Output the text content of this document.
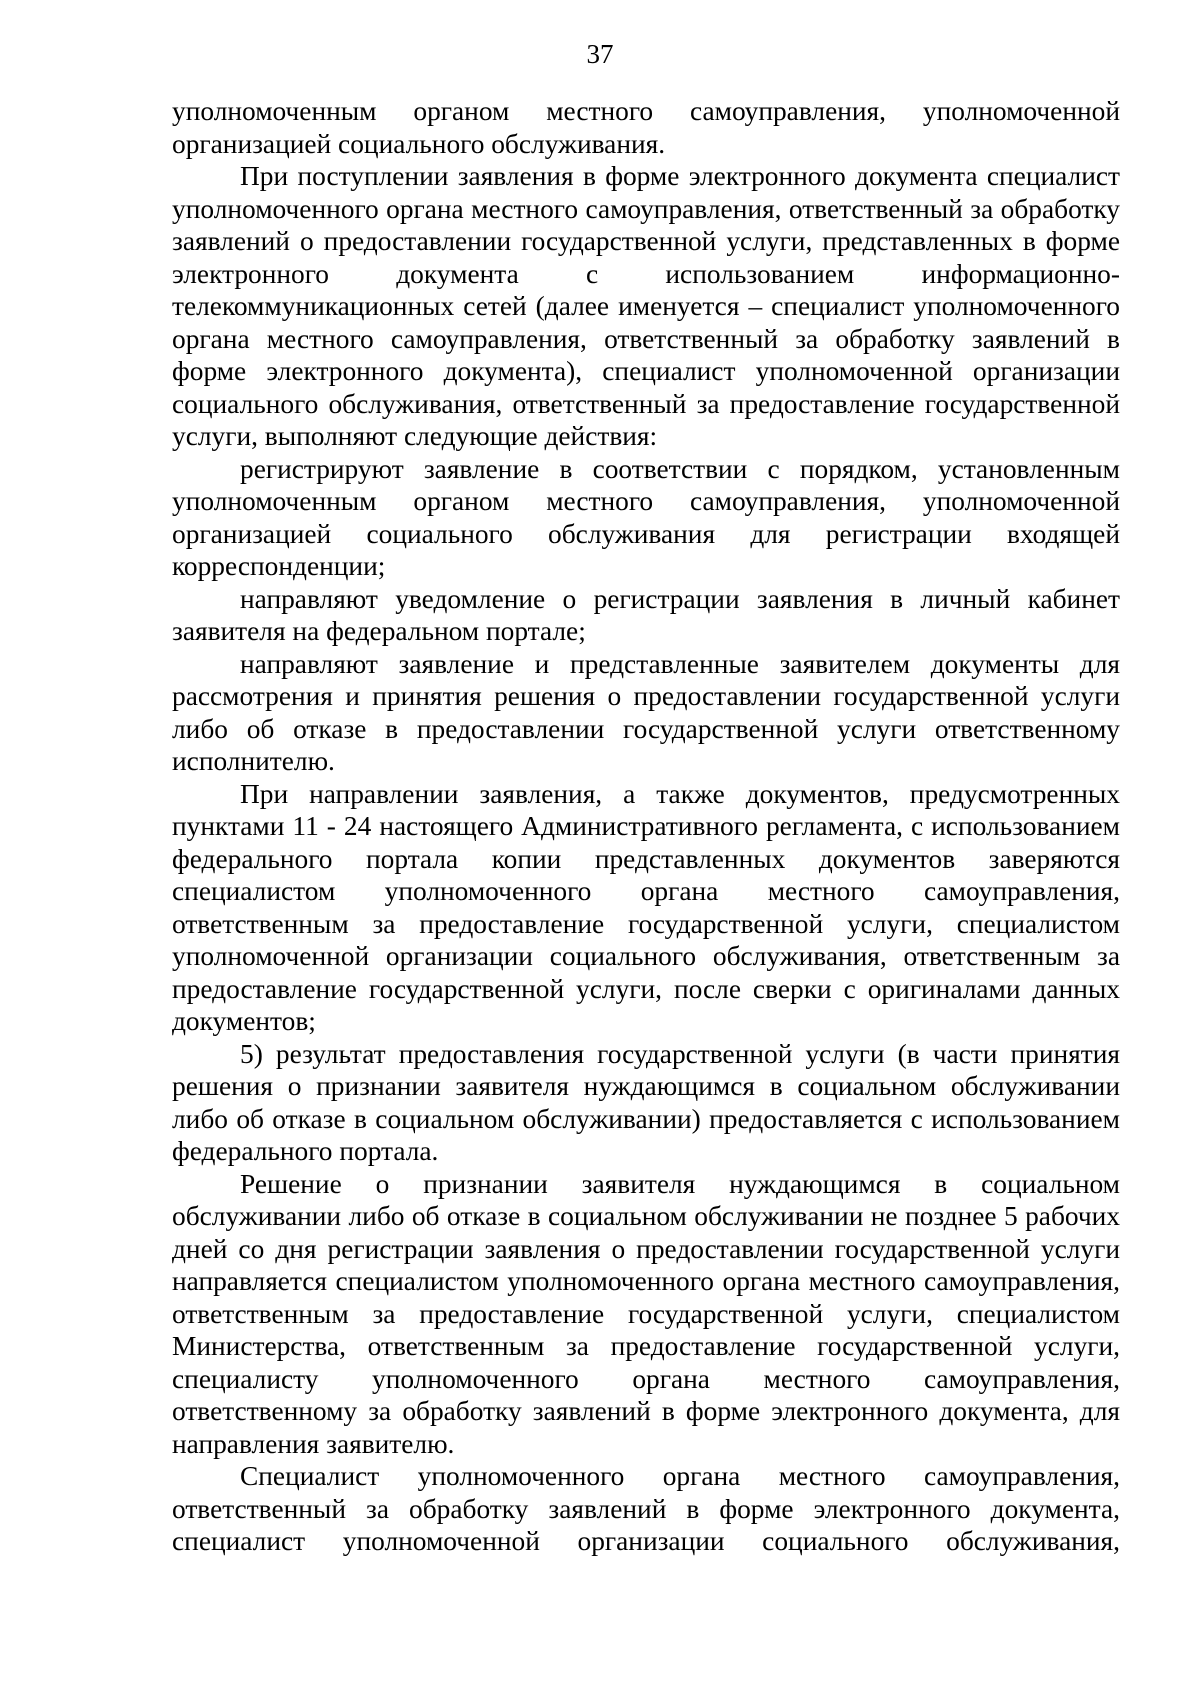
37

уполномоченным органом местного самоуправления, уполномоченной организацией социального обслуживания.

При поступлении заявления в форме электронного документа специалист уполномоченного органа местного самоуправления, ответственный за обработку заявлений о предоставлении государственной услуги, представленных в форме электронного документа с использованием информационно-телекоммуникационных сетей (далее именуется – специалист уполномоченного органа местного самоуправления, ответственный за обработку заявлений в форме электронного документа), специалист уполномоченной организации социального обслуживания, ответственный за предоставление государственной услуги, выполняют следующие действия:

регистрируют заявление в соответствии с порядком, установленным уполномоченным органом местного самоуправления, уполномоченной организацией социального обслуживания для регистрации входящей корреспонденции;

направляют уведомление о регистрации заявления в личный кабинет заявителя на федеральном портале;

направляют заявление и представленные заявителем документы для рассмотрения и принятия решения о предоставлении государственной услуги либо об отказе в предоставлении государственной услуги ответственному исполнителю.

При направлении заявления, а также документов, предусмотренных пунктами 11 - 24 настоящего Административного регламента, с использованием федерального портала копии представленных документов заверяются специалистом уполномоченного органа местного самоуправления, ответственным за предоставление государственной услуги, специалистом уполномоченной организации социального обслуживания, ответственным за предоставление государственной услуги, после сверки с оригиналами данных документов;

5) результат предоставления государственной услуги (в части принятия решения о признании заявителя нуждающимся в социальном обслуживании либо об отказе в социальном обслуживании) предоставляется с использованием федерального портала.

Решение о признании заявителя нуждающимся в социальном обслуживании либо об отказе в социальном обслуживании не позднее 5 рабочих дней со дня регистрации заявления о предоставлении государственной услуги направляется специалистом уполномоченного органа местного самоуправления, ответственным за предоставление государственной услуги, специалистом Министерства, ответственным за предоставление государственной услуги, специалисту уполномоченного органа местного самоуправления, ответственному за обработку заявлений в форме электронного документа, для направления заявителю.

Специалист уполномоченного органа местного самоуправления, ответственный за обработку заявлений в форме электронного документа, специалист уполномоченной организации социального обслуживания,
